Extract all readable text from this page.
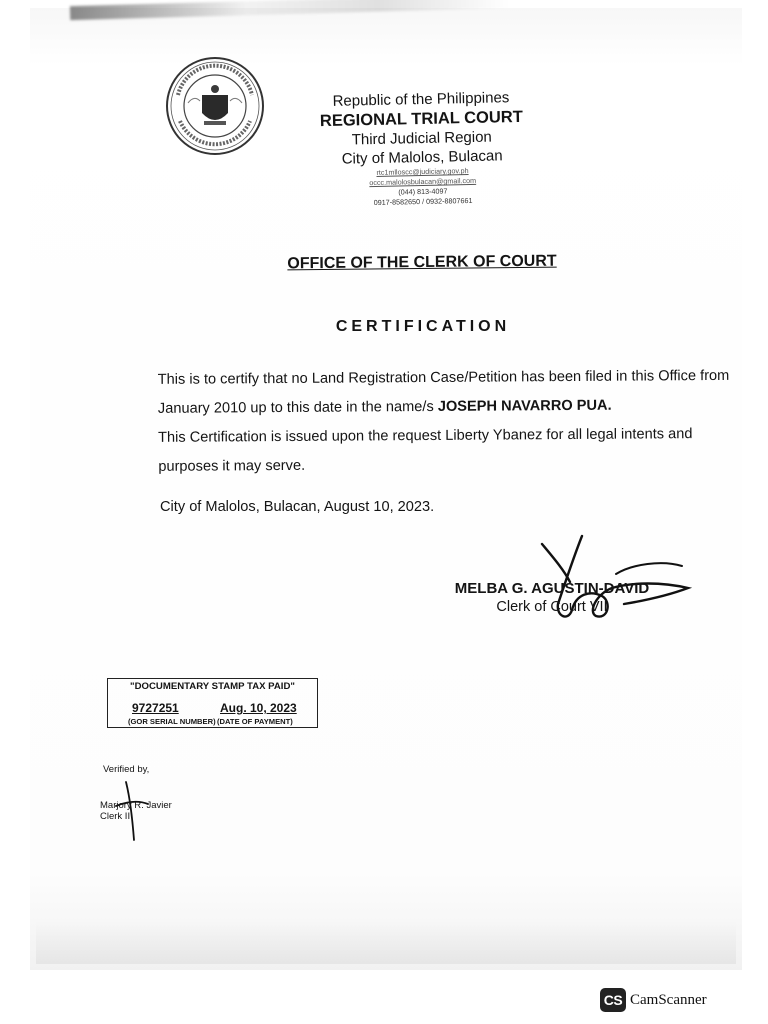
Republic of the Philippines
REGIONAL TRIAL COURT
Third Judicial Region
City of Malolos, Bulacan
rtc1mlloscc@judiciary.gov.ph
occc.malolosbulacan@gmail.com
(044) 813-4097
0917-8582650 / 0932-8807661
OFFICE OF THE CLERK OF COURT
CERTIFICATION
This is to certify that no Land Registration Case/Petition has been filed in this Office from January 2010 up to this date in the name/s JOSEPH NAVARRO PUA.
This Certification is issued upon the request Liberty Ybanez for all legal intents and purposes it may serve.
City of Malolos, Bulacan, August 10, 2023.
MELBA G. AGUSTIN-DAVID
Clerk of Court VII
"DOCUMENTARY STAMP TAX PAID"
9727251	Aug. 10, 2023
(GOR SERIAL NUMBER) (DATE OF PAYMENT)
Verified by,
Marjory R. Javier
Clerk II
CS CamScanner
